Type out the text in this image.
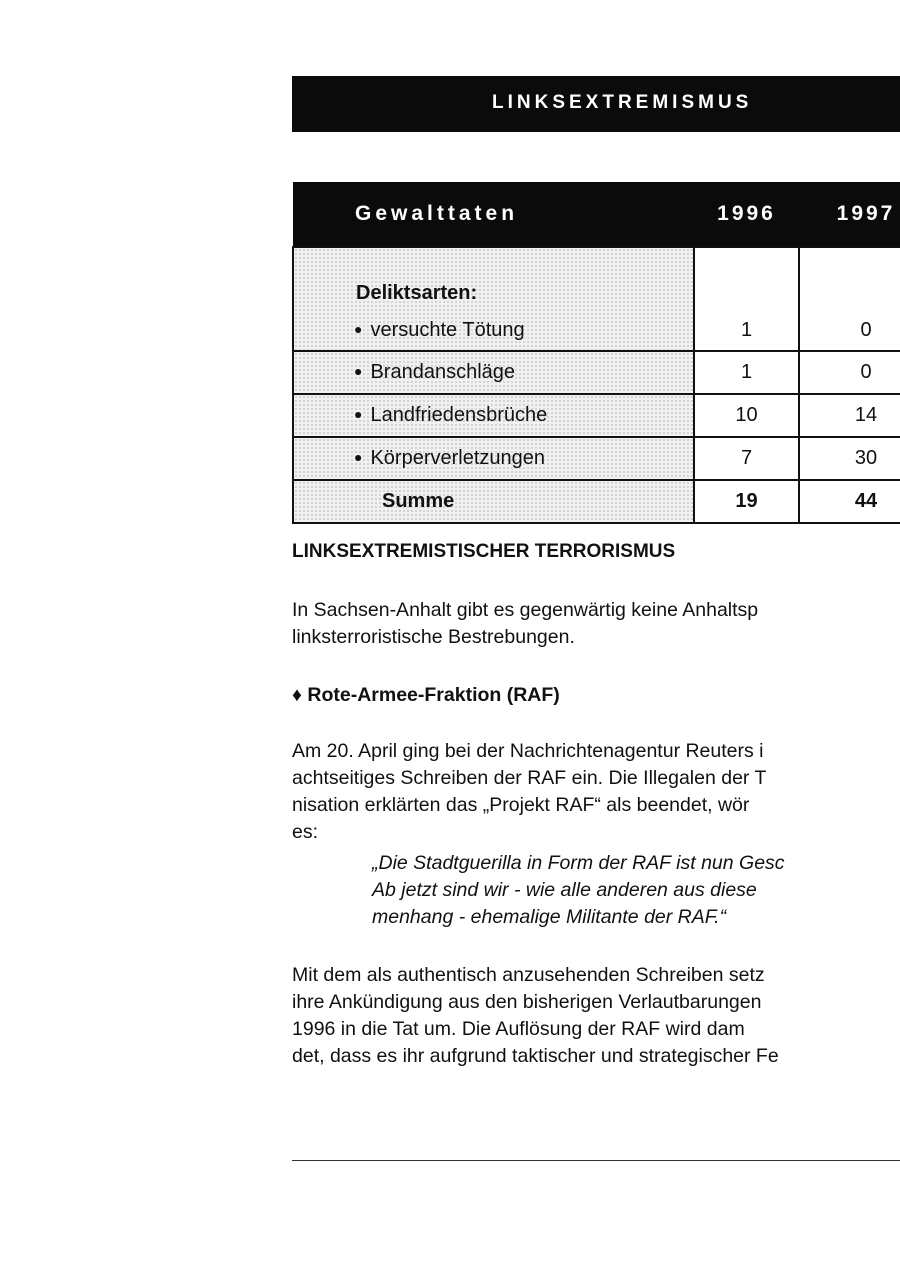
LINKSEXTREMISMUS
Gewalttaten	1996	1997

Deliktsarten:
● versuchte Tötung	1	0
● Brandanschläge	1	0
● Landfriedensbrüche	10	14
● Körperverletzungen	7	30
Summe	19	44
LINKSEXTREMISTISCHER TERRORISMUS

In Sachsen-Anhalt gibt es gegenwärtig keine Anhaltsp
linksterroristische Bestrebungen.

♦ Rote-Armee-Fraktion (RAF)

Am 20. April ging bei der Nachrichtenagentur Reuters i
achtseitiges Schreiben der RAF ein. Die Illegalen der T
nisation erklärten das „Projekt RAF“ als beendet, wör
es:

„Die Stadtguerilla in Form der RAF ist nun Gesc
Ab jetzt sind wir - wie alle anderen aus diese
menhang - ehemalige Militante der RAF.“

Mit dem als authentisch anzusehenden Schreiben setz
ihre Ankündigung aus den bisherigen Verlautbarungen
1996 in die Tat um. Die Auflösung der RAF wird dam
det, dass es ihr aufgrund taktischer und strategischer Fe
